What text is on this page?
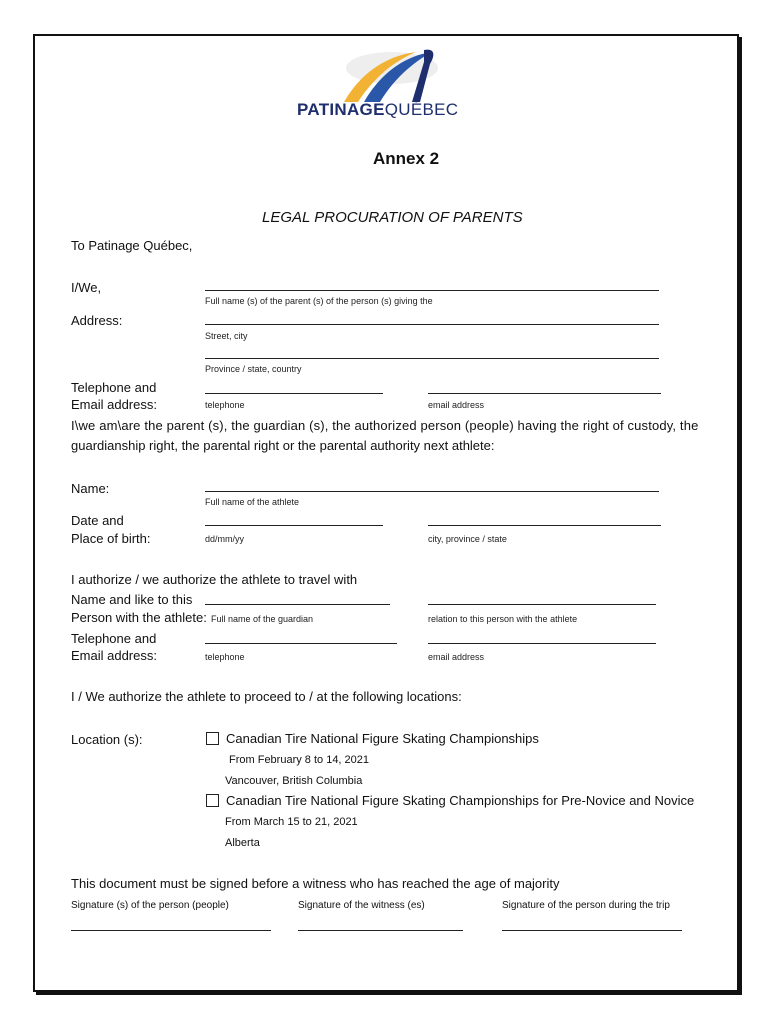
PATINAGEQUÉBEC
Annex 2
LEGAL PROCURATION OF PARENTS
To Patinage Québec,
I/We,
Full name (s) of the parent (s) of the person (s) giving the
Address:
Street, city
Province / state, country
Telephone and
Email address:	telephone	email address
I\we am\are the parent (s), the guardian (s), the authorized person (people) having the right of custody, the
guardianship right, the parental right or the parental authority next athlete:
Name:
Full name of the athlete
Date and
Place of birth:	dd/mm/yy	city, province / state
I authorize / we authorize the athlete to travel with
Name and like to this
Person with the athlete: Full name of the guardian	relation to this person with the athlete
Telephone and
Email address:	telephone	email address
I / We authorize the athlete to proceed to / at the following locations:
Location (s):	Canadian Tire National Figure Skating Championships
From February 8 to 14, 2021
Vancouver, British Columbia
Canadian Tire National Figure Skating Championships for Pre-Novice and Novice
From March 15 to 21, 2021
Alberta
This document must be signed before a witness who has reached the age of majority
Signature (s) of the person (people)	Signature of the witness (es)	Signature of the person during the trip
